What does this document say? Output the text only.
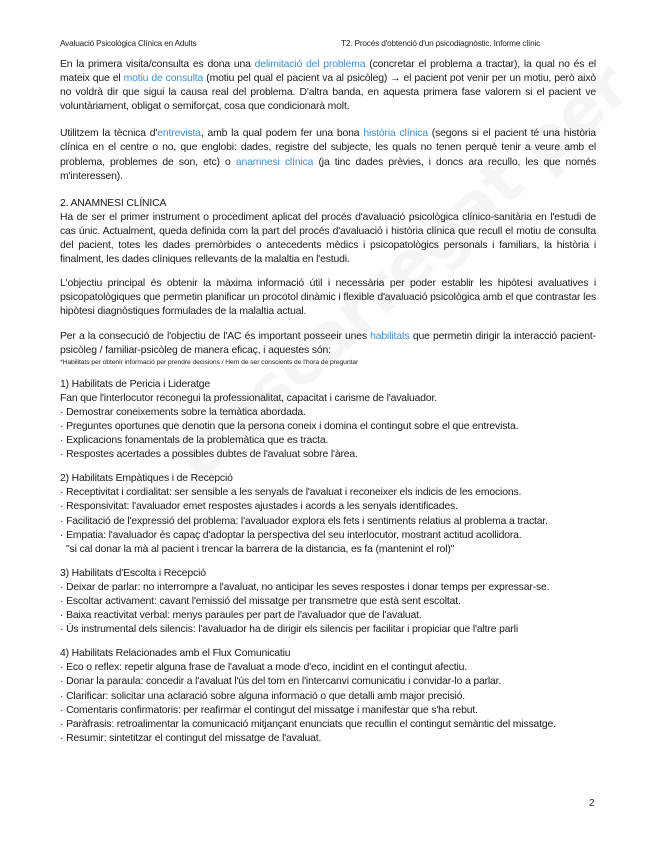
Avaluació Psicològica Clínica en Adults	T2. Procés d'obtenció d'un psicodiagnòstic. Informe clínic

En la primera visita/consulta es dona una delimitació del problema (concretar el problema a tractar), la qual no és el mateix que el motiu de consulta (motiu pel qual el pacient va al psicòleg) → el pacient pot venir per un motiu, però això no voldrà dir que sigui la causa real del problema. D'altra banda, en aquesta primera fase valorem si el pacient ve voluntàriament, obligat o semiforçat, cosa que condicionarà molt.

Utilitzem la tècnica d'entrevista, amb la qual podem fer una bona història clínica (segons si el pacient té una història clínica en el centre o no, que englobi: dades, registre del subjecte, les quals no tenen perquè tenir a veure amb el problema, problemes de son, etc) o anamnesi clínica (ja tinc dades prèvies, i doncs ara recullo, les que només m'interessen).

2. ANAMNESI CLÍNICA

Ha de ser el primer instrument o procediment aplicat del procés d'avaluació psicològica clínico-sanitària en l'estudi de cas únic. Actualment, queda definida com la part del procés d'avaluació i història clínica que recull el motiu de consulta del pacient, totes les dades premòrbides o antecedents mèdics i psicopatològics personals i familiars, la història i finalment, les dades clíniques rellevants de la malaltia en l'estudi.

L'objectiu principal és obtenir la màxima informació útil i necessària per poder establir les hipòtesi avaluatives i psicopatològiques que permetin planificar un procotol dinàmic i flexible d'avaluació psicològica amb el que contrastar les hipòtesi diagnòstiques formulades de la malaltia actual.

Per a la consecució de l'objectiu de l'AC és important posseeir unes habilitats que permetin dirigir la interacció pacient-psicòleg / familiar-psicòleg de manera eficaç, i aquestes són:

*Habilitats per obtenir informació per prendre decisions / Hem de ser conscients de l'hora de preguntar

1) Habilitats de Pericia i Lideratge

Fan que l'interlocutor reconegui la professionalitat, capacitat i carisme de l'avaluador.

· Demostrar coneixements sobre la temàtica abordada.
· Preguntes oportunes que denotin que la persona coneix i domina el contingut sobre el que entrevista.
· Explicacions fonamentals de la problemàtica que es tracta.
· Respostes acertades a possibles dubtes de l'avaluat sobre l'àrea.

2) Habilitats Empàtiques i de Recepció

· Receptivitat i cordialitat: ser sensible a les senyals de l'avaluat i reconeixer els indicis de les emocions.
· Responsivitat: l'avaluador emet respostes ajustades i acords a les senyals identificades.
· Facilitació de l'expressió del problema: l'avaluador explora els fets i sentiments relatius al problema a tractar.
· Empatia: l'avaluador és capaç d'adoptar la perspectiva del seu interlocutor, mostrant actitud acollidora.

"si cal donar la mà al pacient i trencar la barrera de la distancia, es fa (mantenint el rol)"

3) Habilitats d'Escolta i Recepció

· Deixar de parlar: no interrompre a l'avaluat, no anticipar les seves respostes i donar temps per expressar-se.
· Escoltar activament: cavant l'emissió del missatge per transmetre que està sent escoltat.
· Baixa reactivitat verbal: menys paraules per part de l'avaluador que de l'avaluat.
· Ús instrumental dels silencis: l'avaluador ha de dirigir els silencis per facilitar i propiciar que l'altre parli

4) Habilitats Relacionades amb el Flux Comunicatiu

· Eco o reflex: repetir alguna frase de l'avaluat a mode d'eco, incidint en el contingut afectiu.
· Donar la paraula: concedir a l'avaluat l'ús del torn en l'intercanvi comunicatiu i convidar-lo a parlar.
· Clarificar: solicitar una aclaració sobre alguna informació o que detalli amb major precisió.
· Comentaris confirmatoris: per reafirmar el contingut del missatge i manifestar que s'ha rebut.
· Paràfrasis: retroalimentar la comunicació mitjançant enunciats que recullin el contingut semàntic del missatge.
· Resumir: sintetitzar el contingut del missatge de l'avaluat.
2
